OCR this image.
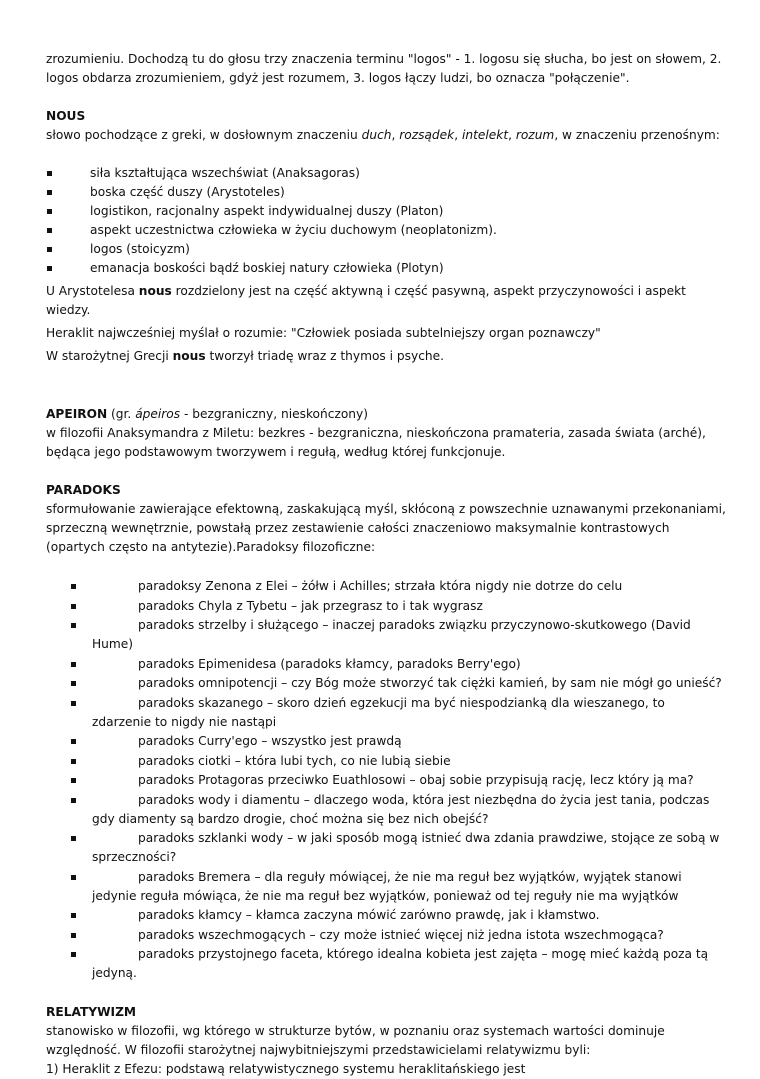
zrozumieniu. Dochodzą tu do głosu trzy znaczenia terminu "logos" - 1. logosu się słucha, bo jest on słowem, 2. logos obdarza zrozumieniem, gdyż jest rozumem, 3. logos łączy ludzi, bo oznacza "połączenie".

NOUS

słowo pochodzące z greki, w dosłownym znaczeniu duch, rozsądek, intelekt, rozum, w znaczeniu przenośnym:

siła kształtująca wszechświat (Anaksagoras)
boska część duszy (Arystoteles)
logistikon, racjonalny aspekt indywidualnej duszy (Platon)
aspekt uczestnictwa człowieka w życiu duchowym (neoplatonizm).
logos (stoicyzm)
emanacja boskości bądź boskiej natury człowieka (Plotyn)

U Arystotelesa nous rozdzielony jest na część aktywną i część pasywną, aspekt przyczynowości i aspekt wiedzy.

Heraklit najwcześniej myślał o rozumie: "Człowiek posiada subtelniejszy organ poznawczy"

W starożytnej Grecji nous tworzył triadę wraz z thymos i psyche.

APEIRON (gr. ápeiros - bezgraniczny, nieskończony)

w filozofii Anaksymandra z Miletu: bezkres - bezgraniczna, nieskończona pramateria, zasada świata (arché), będąca jego podstawowym tworzywem i regułą, według której funkcjonuje.

PARADOKS

sformułowanie zawierające efektowną, zaskakującą myśl, skłóconą z powszechnie uznawanymi przekonaniami, sprzeczną wewnętrznie, powstałą przez zestawienie całości znaczeniowo maksymalnie kontrastowych (opartych często na antytezie).Paradoksy filozoficzne:

paradoksy Zenona z Elei – żółw i Achilles; strzała która nigdy nie dotrze do celu
paradoks Chyla z Tybetu – jak przegrasz to i tak wygrasz
paradoks strzelby i służącego – inaczej paradoks związku przyczynowo-skutkowego (David Hume)
paradoks Epimenidesa (paradoks kłamcy, paradoks Berry'ego)
paradoks omnipotencji – czy Bóg może stworzyć tak ciężki kamień, by sam nie mógł go unieść?
paradoks skazanego – skoro dzień egzekucji ma być niespodzianką dla wieszanego, to zdarzenie to nigdy nie nastąpi
paradoks Curry'ego – wszystko jest prawdą
paradoks ciotki – która lubi tych, co nie lubią siebie
paradoks Protagoras przeciwko Euathlosowi – obaj sobie przypisują rację, lecz który ją ma?
paradoks wody i diamentu – dlaczego woda, która jest niezbędna do życia jest tania, podczas gdy diamenty są bardzo drogie, choć można się bez nich obejść?
paradoks szklanki wody – w jaki sposób mogą istnieć dwa zdania prawdziwe, stojące ze sobą w sprzeczności?
paradoks Bremera – dla reguły mówiącej, że nie ma reguł bez wyjątków, wyjątek stanowi jedynie reguła mówiąca, że nie ma reguł bez wyjątków, ponieważ od tej reguły nie ma wyjątków
paradoks kłamcy – kłamca zaczyna mówić zarówno prawdę, jak i kłamstwo.
paradoks wszechmogących – czy może istnieć więcej niż jedna istota wszechmogąca?
paradoks przystojnego faceta, którego idealna kobieta jest zajęta – mogę mieć każdą poza tą jedyną.

RELATYWIZM

stanowisko w filozofii, wg którego w strukturze bytów, w poznaniu oraz systemach wartości dominuje względność. W filozofii starożytnej najwybitniejszymi przedstawicielami relatywizmu byli:

1) Heraklit z Efezu: podstawą relatywistycznego systemu heraklitańskiego jest
